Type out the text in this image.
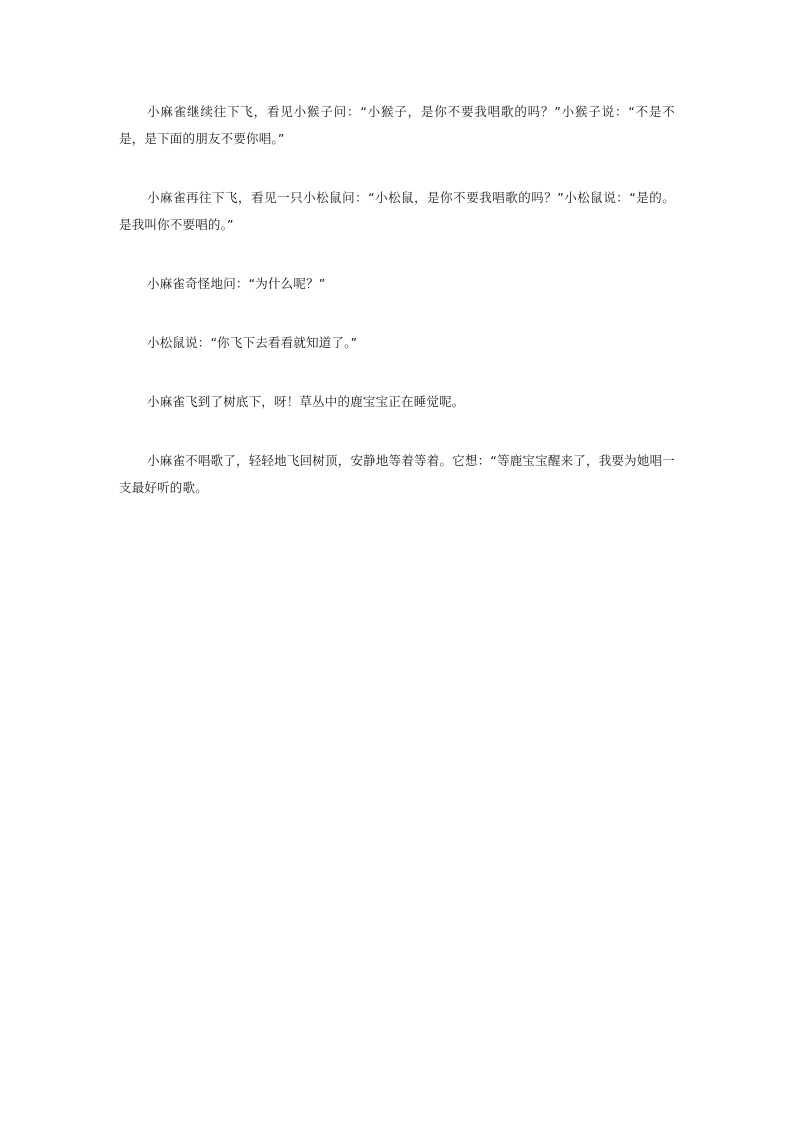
小麻雀继续往下飞，看见小猴子问：“小猴子，是你不要我唱歌的吗？”小猴子说：“不是不是，是下面的朋友不要你唱。”

小麻雀再往下飞，看见一只小松鼠问：“小松鼠，是你不要我唱歌的吗？”小松鼠说：“是的。是我叫你不要唱的。”

小麻雀奇怪地问：“为什么呢？”

小松鼠说：“你飞下去看看就知道了。”

小麻雀飞到了树底下，呀！草丛中的鹿宝宝正在睡觉呢。

小麻雀不唱歌了，轻轻地飞回树顶，安静地等着等着。它想：“等鹿宝宝醒来了，我要为她唱一支最好听的歌。
